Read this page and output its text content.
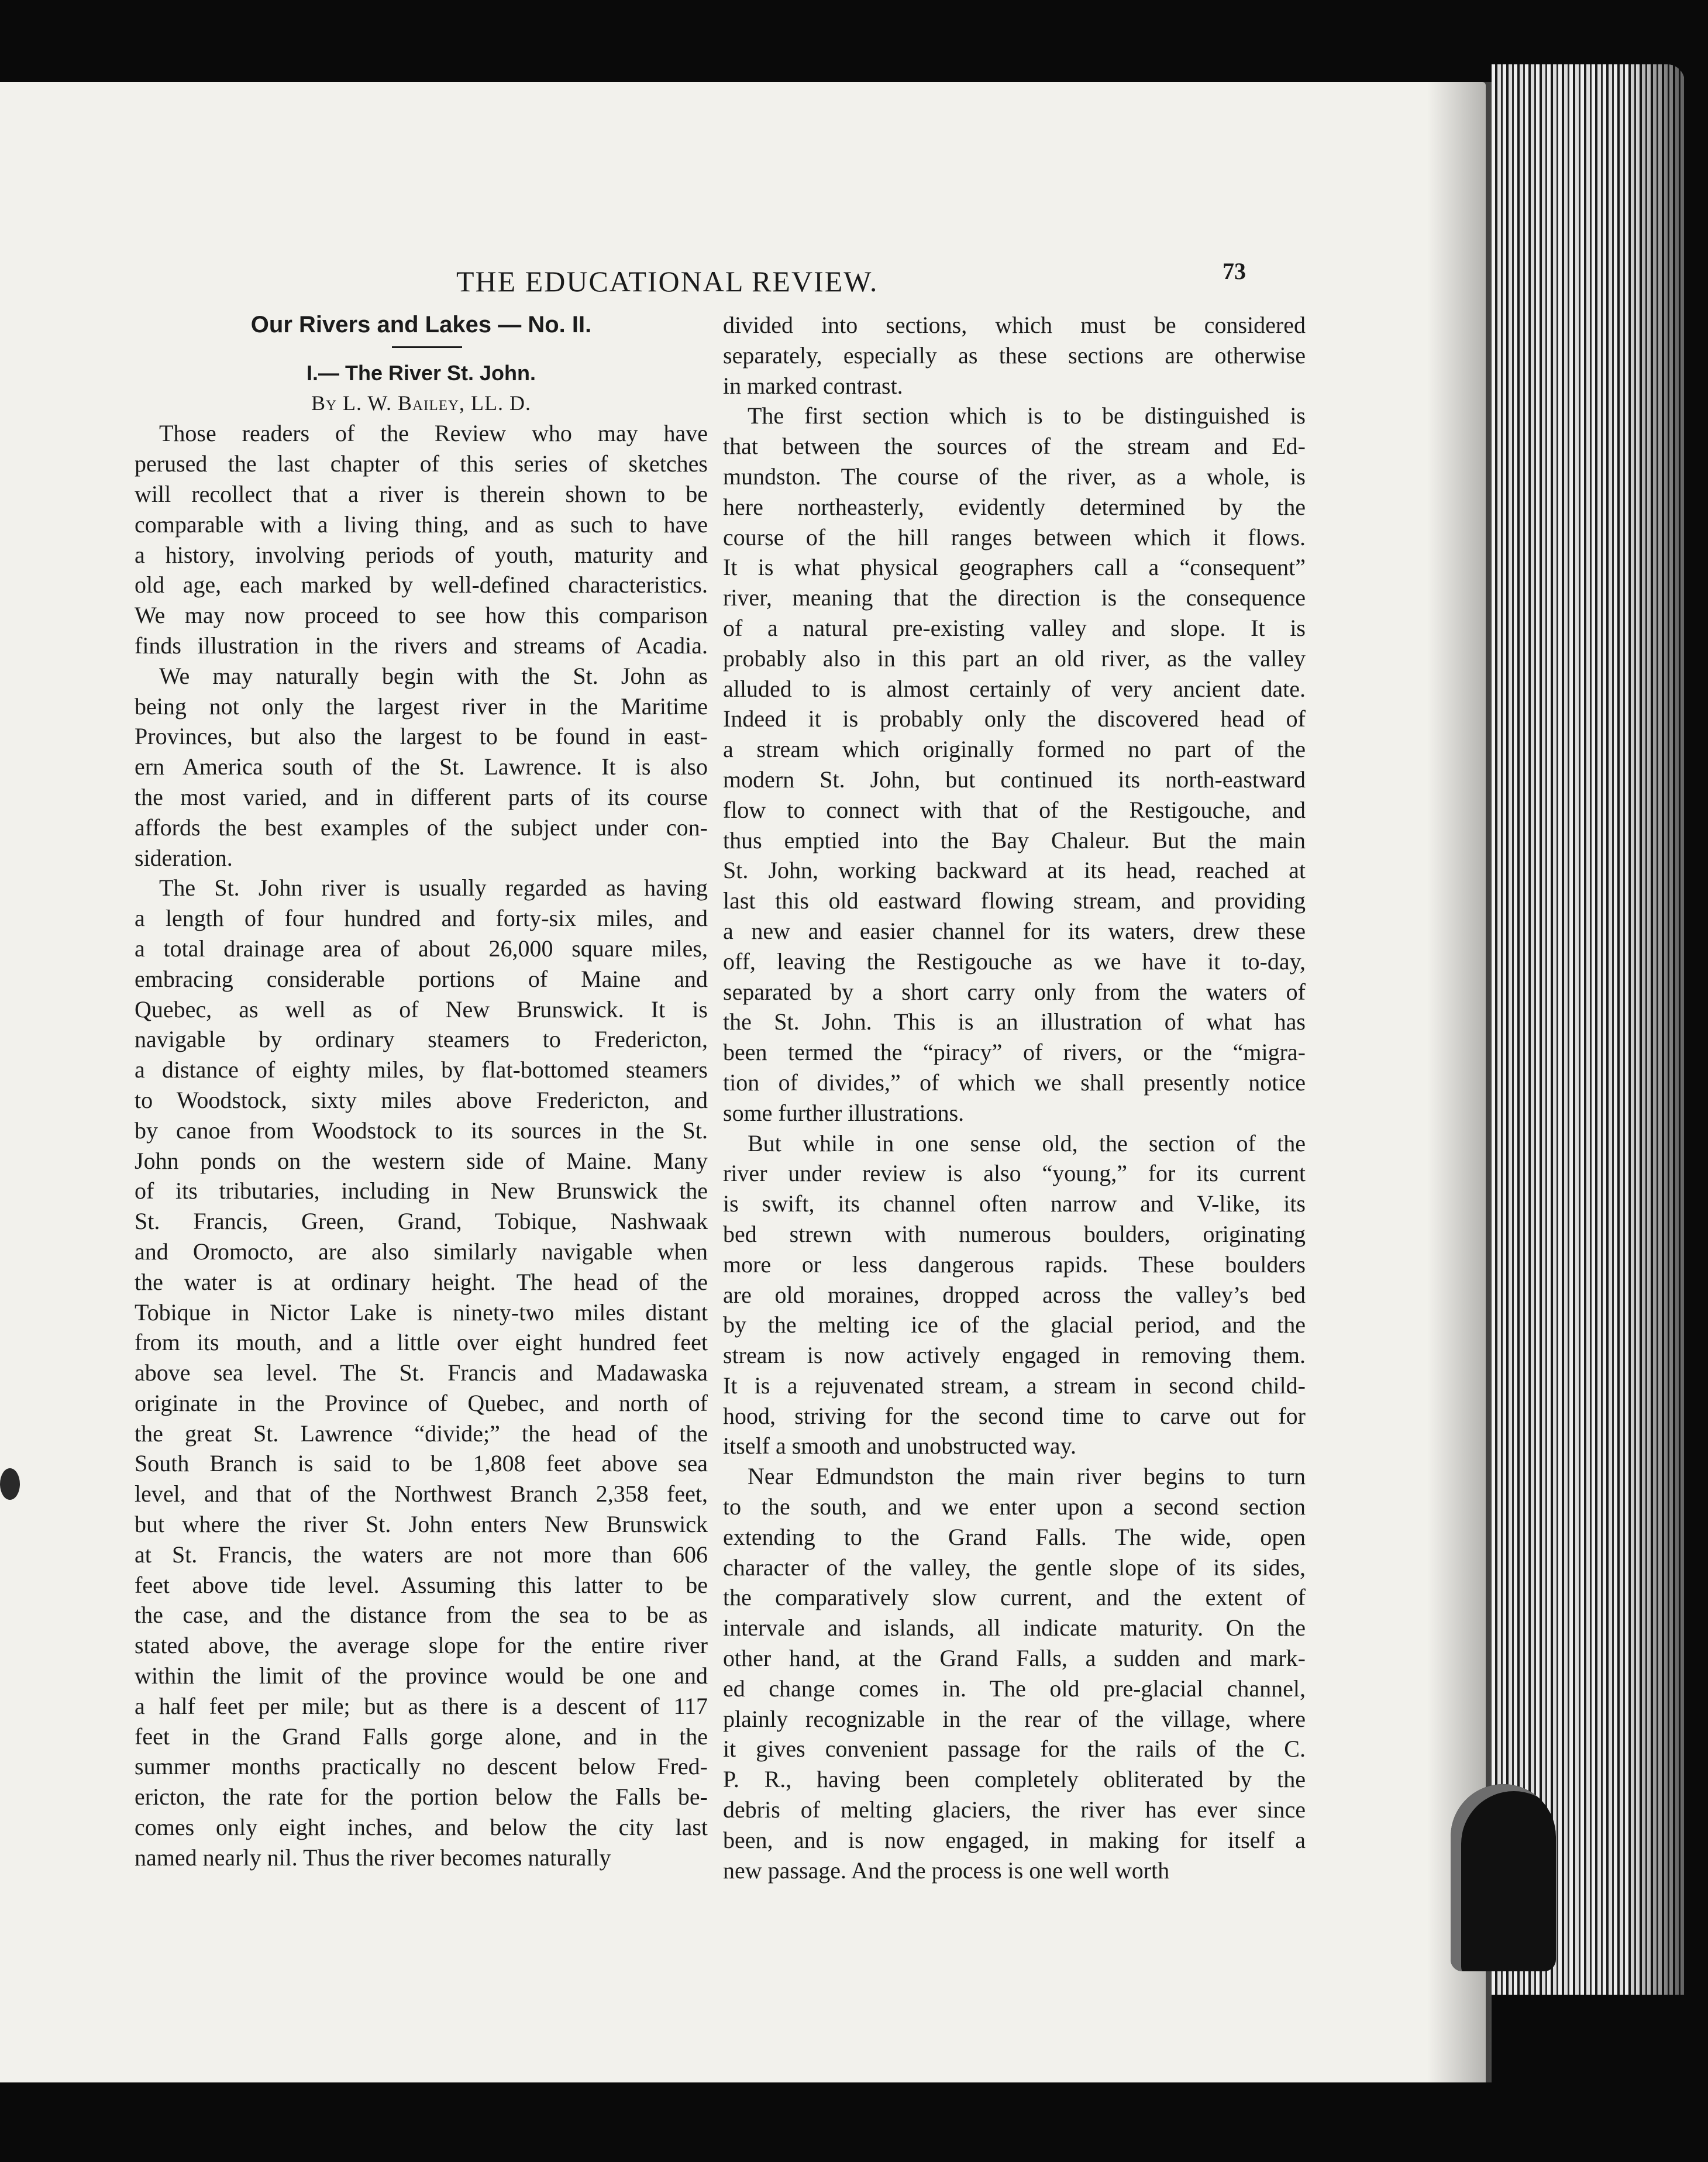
THE EDUCATIONAL REVIEW.	73
Our Rivers and Lakes — No. II.
I.— The River St. John.
By L. W. Bailey, LL. D.
Those readers of the Review who may have
perused the last chapter of this series of sketches
will recollect that a river is therein shown to be
comparable with a living thing, and as such to have
a history, involving periods of youth, maturity and
old age, each marked by well-defined characteristics.
We may now proceed to see how this comparison
finds illustration in the rivers and streams of Acadia.
We may naturally begin with the St. John as
being not only the largest river in the Maritime
Provinces, but also the largest to be found in east-
ern America south of the St. Lawrence. It is also
the most varied, and in different parts of its course
affords the best examples of the subject under con-
sideration.
The St. John river is usually regarded as having
a length of four hundred and forty-six miles, and
a total drainage area of about 26,000 square miles,
embracing considerable portions of Maine and
Quebec, as well as of New Brunswick. It is
navigable by ordinary steamers to Fredericton,
a distance of eighty miles, by flat-bottomed steamers
to Woodstock, sixty miles above Fredericton, and
by canoe from Woodstock to its sources in the St.
John ponds on the western side of Maine. Many
of its tributaries, including in New Brunswick the
St. Francis, Green, Grand, Tobique, Nashwaak
and Oromocto, are also similarly navigable when
the water is at ordinary height. The head of the
Tobique in Nictor Lake is ninety-two miles distant
from its mouth, and a little over eight hundred feet
above sea level. The St. Francis and Madawaska
originate in the Province of Quebec, and north of
the great St. Lawrence “divide;” the head of the
South Branch is said to be 1,808 feet above sea
level, and that of the Northwest Branch 2,358 feet,
but where the river St. John enters New Brunswick
at St. Francis, the waters are not more than 606
feet above tide level. Assuming this latter to be
the case, and the distance from the sea to be as
stated above, the average slope for the entire river
within the limit of the province would be one and
a half feet per mile; but as there is a descent of 117
feet in the Grand Falls gorge alone, and in the
summer months practically no descent below Fred-
ericton, the rate for the portion below the Falls be-
comes only eight inches, and below the city last
named nearly nil. Thus the river becomes naturally
divided into sections, which must be considered
separately, especially as these sections are otherwise
in marked contrast.
The first section which is to be distinguished is
that between the sources of the stream and Ed-
mundston. The course of the river, as a whole, is
here northeasterly, evidently determined by the
course of the hill ranges between which it flows.
It is what physical geographers call a “consequent”
river, meaning that the direction is the consequence
of a natural pre-existing valley and slope. It is
probably also in this part an old river, as the valley
alluded to is almost certainly of very ancient date.
Indeed it is probably only the discovered head of
a stream which originally formed no part of the
modern St. John, but continued its north-eastward
flow to connect with that of the Restigouche, and
thus emptied into the Bay Chaleur. But the main
St. John, working backward at its head, reached at
last this old eastward flowing stream, and providing
a new and easier channel for its waters, drew these
off, leaving the Restigouche as we have it to-day,
separated by a short carry only from the waters of
the St. John. This is an illustration of what has
been termed the “piracy” of rivers, or the “migra-
tion of divides,” of which we shall presently notice
some further illustrations.
But while in one sense old, the section of the
river under review is also “young,” for its current
is swift, its channel often narrow and V-like, its
bed strewn with numerous boulders, originating
more or less dangerous rapids. These boulders
are old moraines, dropped across the valley’s bed
by the melting ice of the glacial period, and the
stream is now actively engaged in removing them.
It is a rejuvenated stream, a stream in second child-
hood, striving for the second time to carve out for
itself a smooth and unobstructed way.
Near Edmundston the main river begins to turn
to the south, and we enter upon a second section
extending to the Grand Falls. The wide, open
character of the valley, the gentle slope of its sides,
the comparatively slow current, and the extent of
intervale and islands, all indicate maturity. On the
other hand, at the Grand Falls, a sudden and mark-
ed change comes in. The old pre-glacial channel,
plainly recognizable in the rear of the village, where
it gives convenient passage for the rails of the C.
P. R., having been completely obliterated by the
debris of melting glaciers, the river has ever since
been, and is now engaged, in making for itself a
new passage. And the process is one well worth
